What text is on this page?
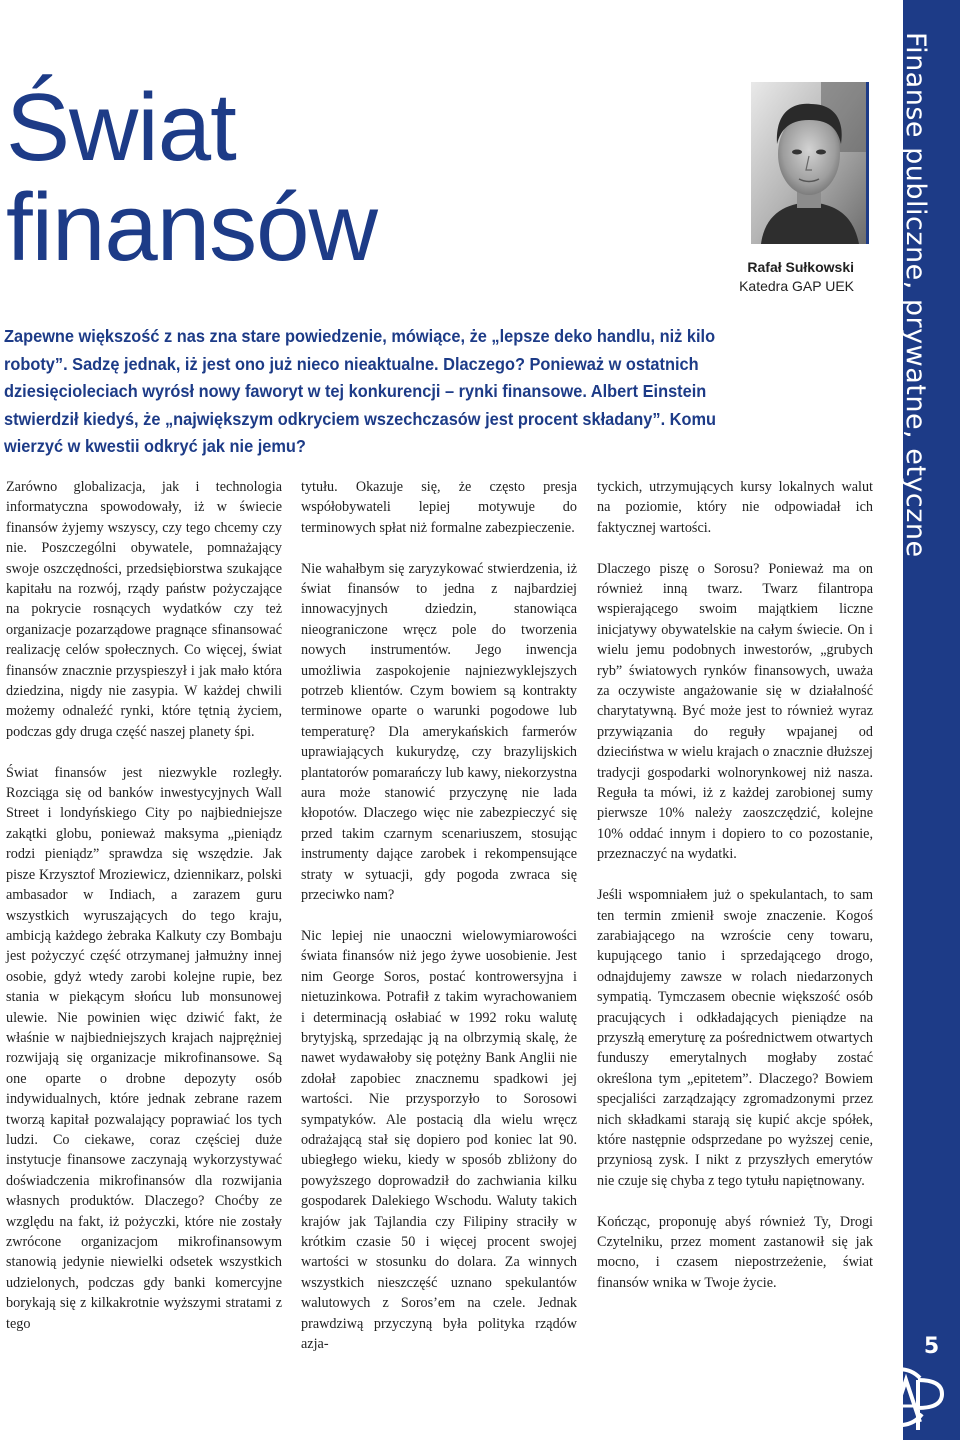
Finanse publiczne, prywatne, etyczne
5
Świat
finansów	Rafał Sułkowski
Katedra GAP UEK

Zapewne większość z nas zna stare powiedzenie, mówiące, że „lepsze deko handlu, niż kilo roboty”. Sadzę jednak, iż jest ono już nieco nieaktualne. Dlaczego? Ponieważ w ostatnich dziesięcioleciach wyrósł nowy faworyt w tej konkurencji – rynki finansowe. Albert Einstein stwierdził kiedyś, że „największym odkryciem wszechczasów jest procent składany”. Komu wierzyć w kwestii odkryć jak nie jemu?

Zarówno globalizacja, jak i technologia informatyczna spowodowały, iż w świecie finansów żyjemy wszyscy, czy tego chcemy czy nie. Poszczególni obywatele, pomnażający swoje oszczędności, przedsiębiorstwa szukające kapitału na rozwój, rządy państw pożyczające na pokrycie rosnących wydatków czy też organizacje pozarządowe pragnące sfinansować realizację celów społecznych. Co więcej, świat finansów znacznie przyspieszył i jak mało która dziedzina, nigdy nie zasypia. W każdej chwili możemy odnaleźć rynki, które tętnią życiem, podczas gdy druga część naszej planety śpi.

Świat finansów jest niezwykle rozległy. Rozciąga się od banków inwestycyjnych Wall Street i londyńskiego City po najbiedniejsze zakątki globu, ponieważ maksyma „pieniądz rodzi pieniądz” sprawdza się wszędzie. Jak pisze Krzysztof Mroziewicz, dziennikarz, polski ambasador w Indiach, a zarazem guru wszystkich wyruszających do tego kraju, ambicją każdego żebraka Kalkuty czy Bombaju jest pożyczyć część otrzymanej jałmużny innej osobie, gdyż wtedy zarobi kolejne rupie, bez stania w piekącym słońcu lub monsunowej ulewie. Nie powinien więc dziwić fakt, że właśnie w najbiedniejszych krajach najprężniej rozwijają się organizacje mikrofinansowe. Są one oparte o drobne depozyty osób indywidualnych, które jednak zebrane razem tworzą kapitał pozwalający poprawiać los tych ludzi. Co ciekawe, coraz częściej duże instytucje finansowe zaczynają wykorzystywać doświadczenia mikrofinansów dla rozwijania własnych produktów. Dlaczego? Choćby ze względu na fakt, iż pożyczki, które nie zostały zwrócone organizacjom mikrofinansowym stanowią jedynie niewielki odsetek wszystkich udzielonych, podczas gdy banki komercyjne borykają się z kilkakrotnie wyższymi stratami z tego

tytułu. Okazuje się, że często presja współobywateli lepiej motywuje do terminowych spłat niż formalne zabezpieczenie.

Nie wahałbym się zaryzykować stwierdzenia, iż świat finansów to jedna z najbardziej innowacyjnych dziedzin, stanowiąca nieograniczone wręcz pole do tworzenia nowych instrumentów. Jego inwencja umożliwia zaspokojenie najniezwyklejszych potrzeb klientów. Czym bowiem są kontrakty terminowe oparte o warunki pogodowe lub temperaturę? Dla amerykańskich farmerów uprawiających kukurydzę, czy brazylijskich plantatorów pomarańczy lub kawy, niekorzystna aura może stanowić przyczynę nie lada kłopotów. Dlaczego więc nie zabezpieczyć się przed takim czarnym scenariuszem, stosując instrumenty dające zarobek i rekompensujące straty w sytuacji, gdy pogoda zwraca się przeciwko nam?

Nic lepiej nie unaoczni wielowymiarowości świata finansów niż jego żywe uosobienie. Jest nim George Soros, postać kontrowersyjna i nietuzinkowa. Potrafił z takim wyrachowaniem i determinacją osłabiać w 1992 roku walutę brytyjską, sprzedając ją na olbrzymią skalę, że nawet wydawałoby się potężny Bank Anglii nie zdołał zapobiec znacznemu spadkowi jej wartości. Nie przysporzyło to Sorosowi sympatyków. Ale postacią dla wielu wręcz odrażającą stał się dopiero pod koniec lat 90. ubiegłego wieku, kiedy w sposób zbliżony do powyższego doprowadził do zachwiania kilku gospodarek Dalekiego Wschodu. Waluty takich krajów jak Tajlandia czy Filipiny straciły w krótkim czasie 50 i więcej procent swojej wartości w stosunku do dolara. Za winnych wszystkich nieszczęść uznano spekulantów walutowych z Soros’em na czele. Jednak prawdziwą przyczyną była polityka rządów azja-

tyckich, utrzymujących kursy lokalnych walut na poziomie, który nie odpowiadał ich faktycznej wartości.

Dlaczego piszę o Sorosu? Ponieważ ma on również inną twarz. Twarz filantropa wspierającego swoim majątkiem liczne inicjatywy obywatelskie na całym świecie. On i wielu jemu podobnych inwestorów, „grubych ryb” światowych rynków finansowych, uważa za oczywiste angażowanie się w działalność charytatywną. Być może jest to również wyraz przywiązania do reguły wpajanej od dzieciństwa w wielu krajach o znacznie dłuższej tradycji gospodarki wolnorynkowej niż nasza. Reguła ta mówi, iż z każdej zarobionej sumy pierwsze 10% należy zaoszczędzić, kolejne 10% oddać innym i dopiero to co pozostanie, przeznaczyć na wydatki.

Jeśli wspomniałem już o spekulantach, to sam ten termin zmienił swoje znaczenie. Kogoś zarabiającego na wzroście ceny towaru, kupującego tanio i sprzedającego drogo, odnajdujemy zawsze w rolach niedarzonych sympatią. Tymczasem obecnie większość osób pracujących i odkładających pieniądze na przyszłą emeryturę za pośrednictwem otwartych funduszy emerytalnych mogłaby zostać określona tym „epitetem”. Dlaczego? Bowiem specjaliści zarządzający zgromadzonymi przez nich składkami starają się kupić akcje spółek, które następnie odsprzedane po wyższej cenie, przyniosą zysk. I nikt z przyszłych emerytów nie czuje się chyba z tego tytułu napiętnowany.

Kończąc, proponuję abyś również Ty, Drogi Czytelniku, przez moment zastanowił się jak mocno, i czasem niepostrzeżenie, świat finansów wnika w Twoje życie.
